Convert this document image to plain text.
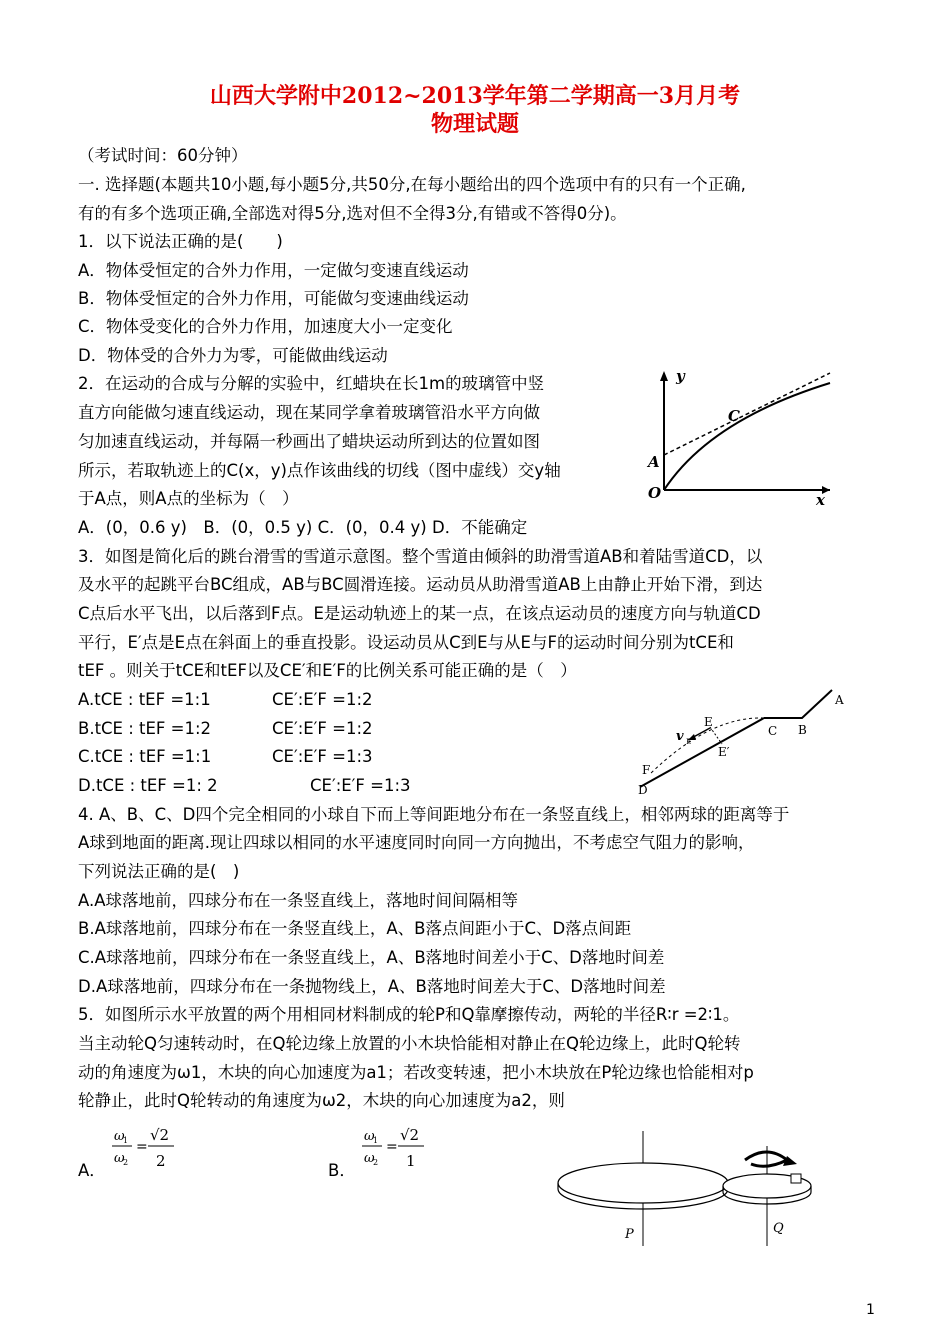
山西大学附中2012~2013学年第二学期高一3月月考
物理试题
（考试时间：60分钟）
一. 选择题(本题共10小题,每小题5分,共50分,在每小题给出的四个选项中有的只有一个正确,
有的有多个选项正确,全部选对得5分,选对但不全得3分,有错或不答得0分)。
1．以下说法正确的是(　　)
A．物体受恒定的合外力作用，一定做匀变速直线运动
B．物体受恒定的合外力作用，可能做匀变速曲线运动
C．物体受变化的合外力作用，加速度大小一定变化
D．物体受的合外力为零，可能做曲线运动
2．在运动的合成与分解的实验中，红蜡块在长1m的玻璃管中竖
直方向能做匀速直线运动，现在某同学拿着玻璃管沿水平方向做
匀加速直线运动，并每隔一秒画出了蜡块运动所到达的位置如图
所示，若取轨迹上的C(x，y)点作该曲线的切线（图中虚线）交y轴
于A点，则A点的坐标为（　）
A．(0，0.6 y)　B．(0，0.5 y) C．(0，0.4 y) D．不能确定
y
x
O
A
C
3．如图是简化后的跳台滑雪的雪道示意图。整个雪道由倾斜的助滑雪道AB和着陆雪道CD，以
及水平的起跳平台BC组成，AB与BC圆滑连接。运动员从助滑雪道AB上由静止开始下滑，到达
C点后水平飞出，以后落到F点。E是运动轨迹上的某一点，在该点运动员的速度方向与轨道CD
平行，E′点是E点在斜面上的垂直投影。设运动员从C到E与从E与F的运动时间分别为tCE和
tEF 。则关于tCE和tEF以及CE′和E′F的比例关系可能正确的是（　）
A.tCE : tEF =1:1	CE′:E′F =1:2
B.tCE : tEF =1:2	CE′:E′F =1:2
C.tCE : tEF =1:1	CE′:E′F =1:3
D.tCE : tEF =1: 2	CE′:E′F =1:3
A
B
C
D
E
E′
F
v E
4. A、B、C、D四个完全相同的小球自下而上等间距地分布在一条竖直线上，相邻两球的距离等于
A球到地面的距离.现让四球以相同的水平速度同时向同一方向抛出，不考虑空气阻力的影响，
下列说法正确的是(　)
A.A球落地前，四球分布在一条竖直线上，落地时间间隔相等
B.A球落地前，四球分布在一条竖直线上，A、B落点间距小于C、D落点间距
C.A球落地前，四球分布在一条竖直线上，A、B落地时间差小于C、D落地时间差
D.A球落地前，四球分布在一条抛物线上，A、B落地时间差大于C、D落地时间差
5．如图所示水平放置的两个用相同材料制成的轮P和Q靠摩擦传动，两轮的半径R∶r =2∶1。
当主动轮Q匀速转动时，在Q轮边缘上放置的小木块恰能相对静止在Q轮边缘上，此时Q轮转
动的角速度为ω1，木块的向心加速度为a1；若改变转速，把小木块放在P轮边缘也恰能相对p
轮静止，此时Q轮转动的角速度为ω2，木块的向心加速度为a2，则
A．
ω
1
ω
2
=
√2
2	B．
ω
1
ω
2
=
√2
1
P	Q
1
